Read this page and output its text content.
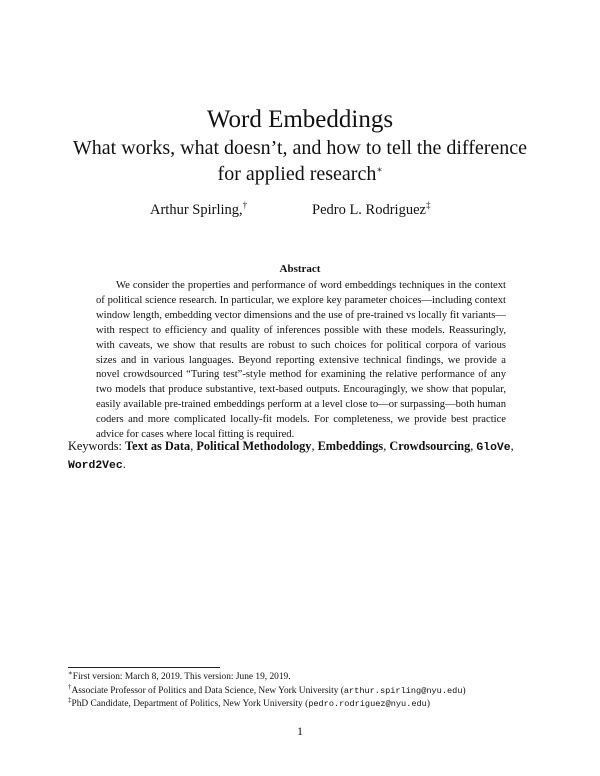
Word Embeddings
What works, what doesn’t, and how to tell the difference
for applied research∗
Arthur Spirling,†	Pedro L. Rodriguez‡
Abstract

We consider the properties and performance of word embeddings techniques in the context of political science research. In particular, we explore key parameter choices—including context window length, embedding vector dimensions and the use of pre-trained vs locally fit variants—with respect to efficiency and quality of inferences possible with these models. Reassuringly, with caveats, we show that results are robust to such choices for political corpora of various sizes and in various languages. Beyond reporting extensive technical findings, we provide a novel crowdsourced “Turing test”-style method for examining the relative performance of any two models that produce substantive, text-based outputs. Encouragingly, we show that popular, easily available pre-trained embeddings perform at a level close to—or surpassing—both human coders and more complicated locally-fit models. For completeness, we provide best practice advice for cases where local fitting is required.

Keywords: Text as Data, Political Methodology, Embeddings, Crowdsourcing, GloVe, Word2Vec.

∗First version: March 8, 2019. This version: June 19, 2019.
†Associate Professor of Politics and Data Science, New York University (arthur.spirling@nyu.edu)
‡PhD Candidate, Department of Politics, New York University (pedro.rodriguez@nyu.edu)
1
